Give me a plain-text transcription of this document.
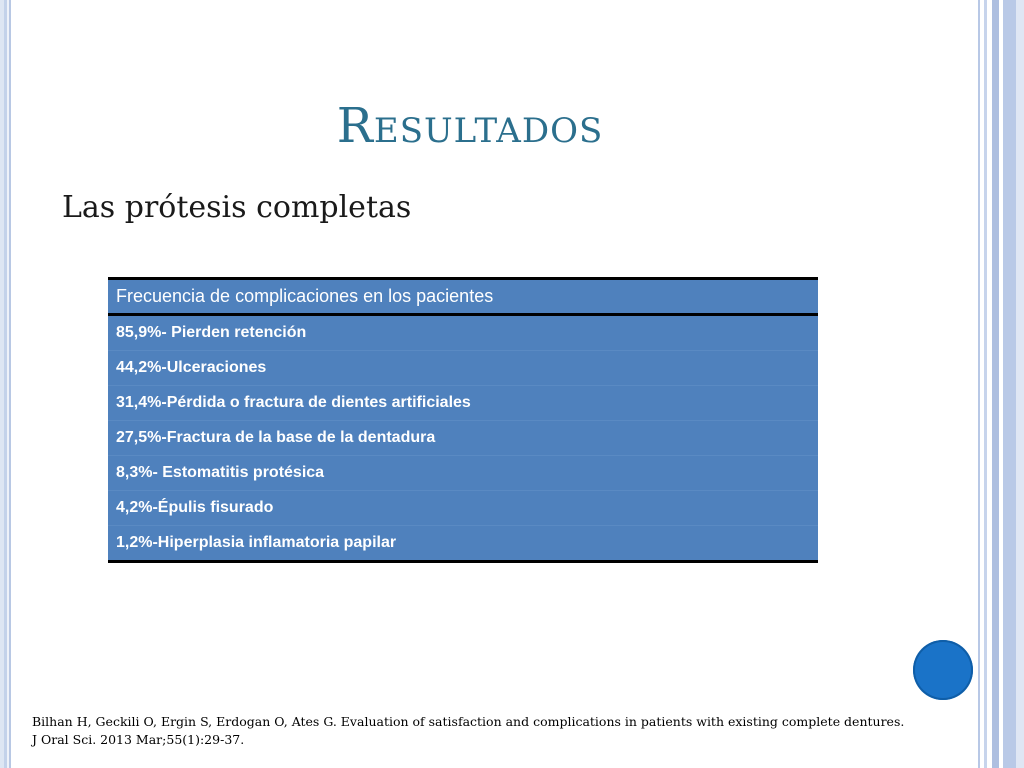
Resultados
Las prótesis completas
Frecuencia de complicaciones en los pacientes
85,9%- Pierden retención
44,2%-Ulceraciones
31,4%-Pérdida o fractura de dientes artificiales
27,5%-Fractura de la base de la dentadura
8,3%- Estomatitis protésica
4,2%-Épulis fisurado
1,2%-Hiperplasia inflamatoria papilar
Bilhan H, Geckili O, Ergin S, Erdogan O, Ates G. Evaluation of satisfaction and complications in patients with existing complete dentures. J Oral Sci. 2013 Mar;55(1):29-37.
